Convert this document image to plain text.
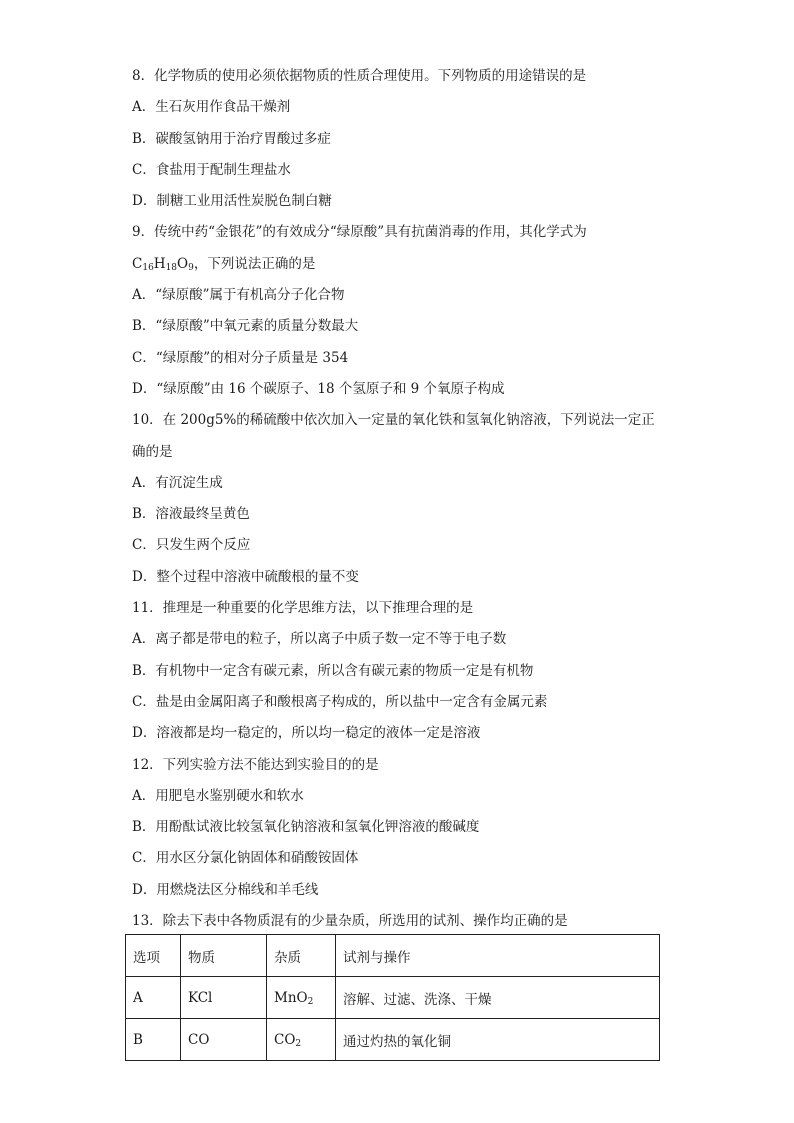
8．化学物质的使用必须依据物质的性质合理使用。下列物质的用途错误的是
A．生石灰用作食品干燥剂
B．碳酸氢钠用于治疗胃酸过多症
C．食盐用于配制生理盐水
D．制糖工业用活性炭脱色制白糖
9．传统中药“金银花”的有效成分“绿原酸”具有抗菌消毒的作用，其化学式为
$C_{16}H_{18}O_9$，下列说法正确的是
A．“绿原酸”属于有机高分子化合物
B．“绿原酸”中氧元素的质量分数最大
C．“绿原酸”的相对分子质量是 354
D．“绿原酸”由 16 个碳原子、18 个氢原子和 9 个氧原子构成
10．在 200g5%的稀硫酸中依次加入一定量的氧化铁和氢氧化钠溶液，下列说法一定正
确的是
A．有沉淀生成
B．溶液最终呈黄色
C．只发生两个反应
D．整个过程中溶液中硫酸根的量不变
11．推理是一种重要的化学思维方法，以下推理合理的是
A．离子都是带电的粒子，所以离子中质子数一定不等于电子数
B．有机物中一定含有碳元素，所以含有碳元素的物质一定是有机物
C．盐是由金属阳离子和酸根离子构成的，所以盐中一定含有金属元素
D．溶液都是均一稳定的，所以均一稳定的液体一定是溶液
12．下列实验方法不能达到实验目的的是
A．用肥皂水鉴别硬水和软水
B．用酚酞试液比较氢氧化钠溶液和氢氧化钾溶液的酸碱度
C．用水区分氯化钠固体和硝酸铵固体
D．用燃烧法区分棉线和羊毛线
13．除去下表中各物质混有的少量杂质，所选用的试剂、操作均正确的是
选项	物质	杂质	试剂与操作
A	KCl	MnO$_2$	溶解、过滤、洗涤、干燥
B	CO	$CO_2$	通过灼热的氧化铜
